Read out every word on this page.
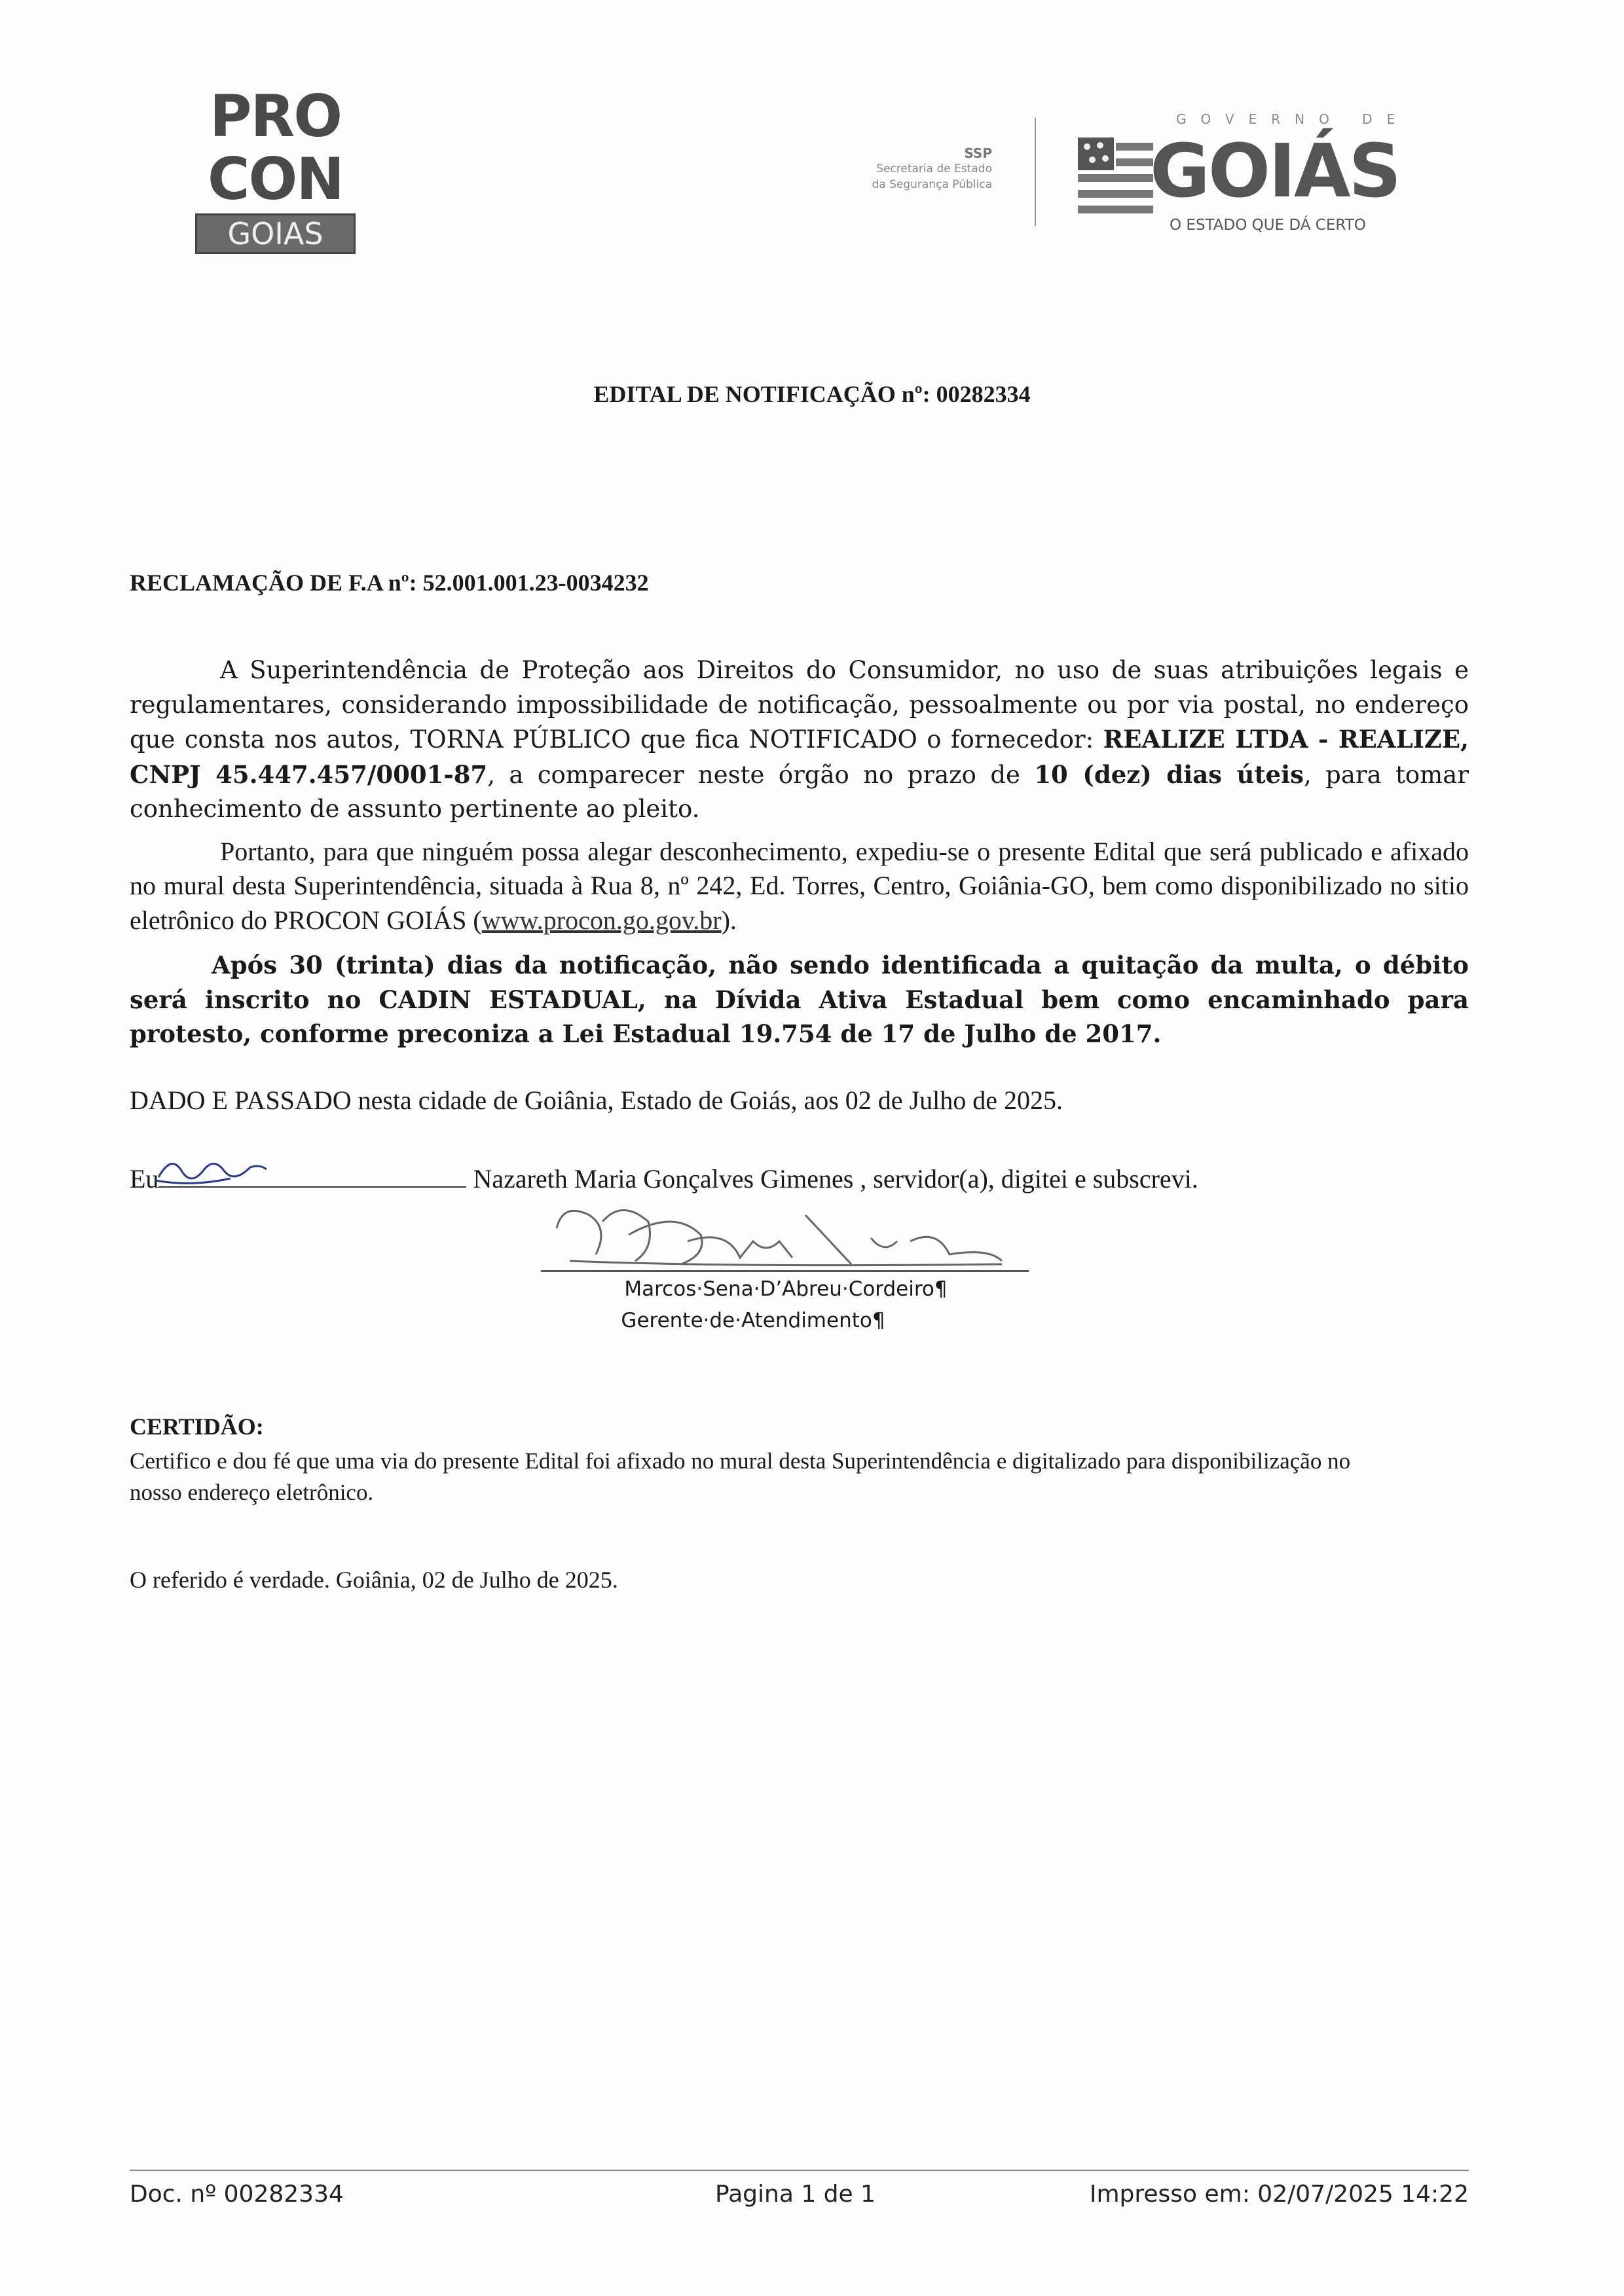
PRO
CON
GOIAS
SSP
Secretaria de Estado
da Segurança Pública
GOVERNO DE
GOIÁS
O ESTADO QUE DÁ CERTO
EDITAL DE NOTIFICAÇÃO nº: 00282334
RECLAMAÇÃO DE F.A nº: 52.001.001.23-0034232
A Superintendência de Proteção aos Direitos do Consumidor, no uso de suas atribuições legais e regulamentares, considerando impossibilidade de notificação, pessoalmente ou por via postal, no endereço que consta nos autos, TORNA PÚBLICO que fica NOTIFICADO o fornecedor: REALIZE LTDA - REALIZE, CNPJ 45.447.457/0001-87, a comparecer neste órgão no prazo de 10 (dez) dias úteis, para tomar conhecimento de assunto pertinente ao pleito.
Portanto, para que ninguém possa alegar desconhecimento, expediu-se o presente Edital que será publicado e afixado no mural desta Superintendência, situada à Rua 8, nº 242, Ed. Torres, Centro, Goiânia-GO, bem como disponibilizado no sitio eletrônico do PROCON GOIÁS (www.procon.go.gov.br).
Após 30 (trinta) dias da notificação, não sendo identificada a quitação da multa, o débito será inscrito no CADIN ESTADUAL, na Dívida Ativa Estadual bem como encaminhado para protesto, conforme preconiza a Lei Estadual 19.754 de 17 de Julho de 2017.
DADO E PASSADO nesta cidade de Goiânia, Estado de Goiás, aos 02 de Julho de 2025.
Eu	Nazareth Maria Gonçalves Gimenes , servidor(a), digitei e subscrevi.
Marcos·Sena·D’Abreu·Cordeiro¶
Gerente·de·Atendimento¶
CERTIDÃO:
Certifico e dou fé que uma via do presente Edital foi afixado no mural desta Superintendência e digitalizado para disponibilização no nosso endereço eletrônico.
O referido é verdade. Goiânia, 02 de Julho de 2025.
Doc. nº 00282334	Pagina 1 de 1	Impresso em: 02/07/2025 14:22
